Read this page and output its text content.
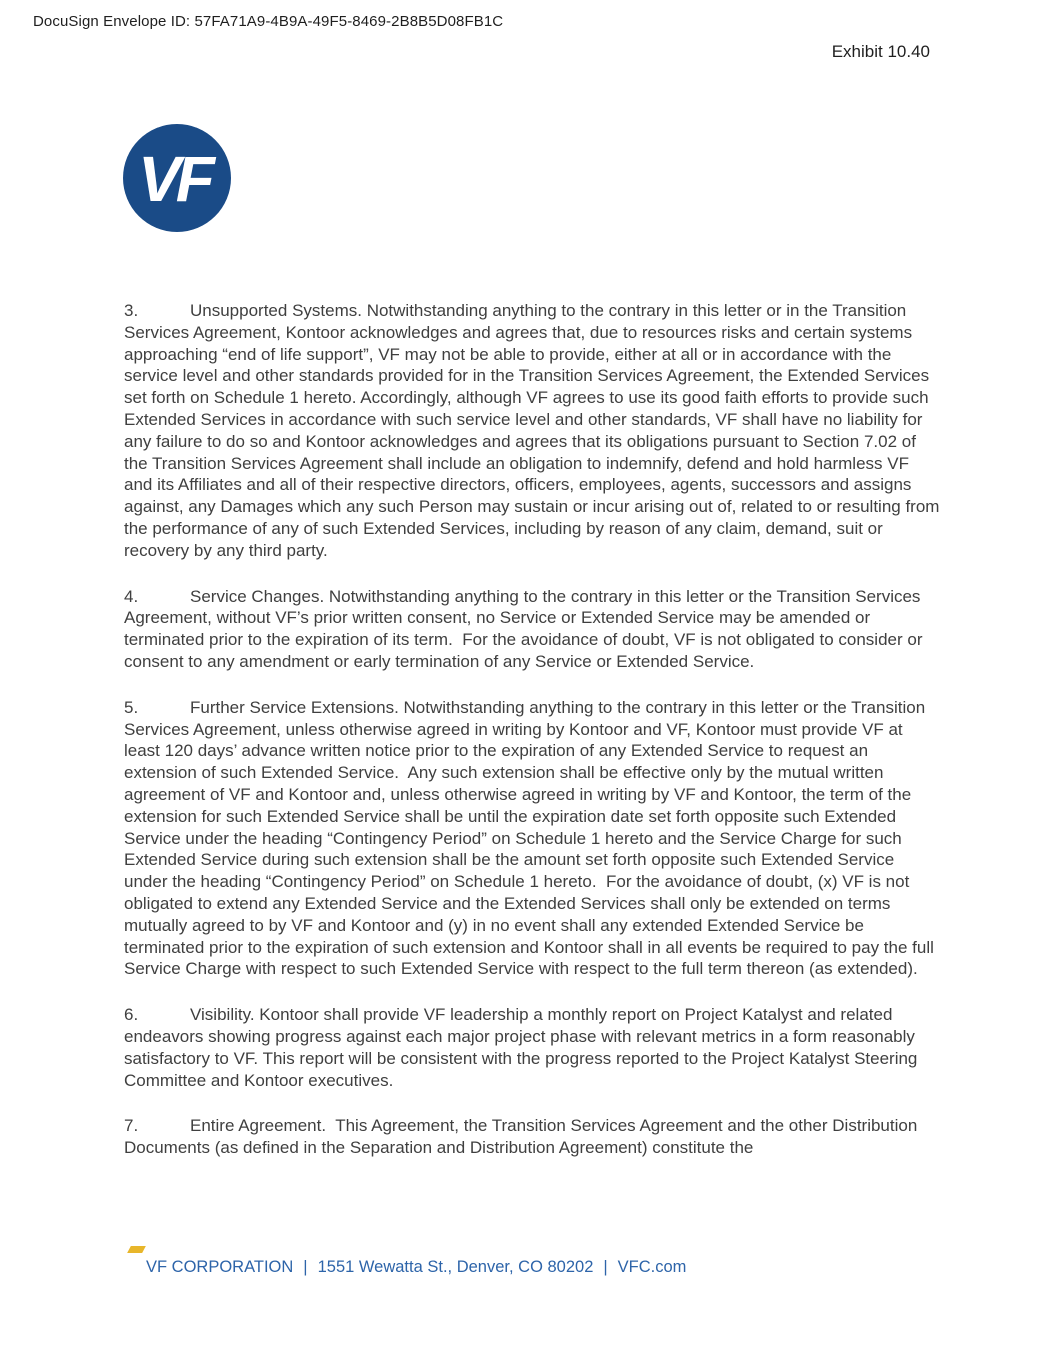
DocuSign Envelope ID: 57FA71A9-4B9A-49F5-8469-2B8B5D08FB1C
Exhibit 10.40
VF
3.	Unsupported Systems. Notwithstanding anything to the contrary in this letter or in the Transition Services Agreement, Kontoor acknowledges and agrees that, due to resources risks and certain systems approaching “end of life support”, VF may not be able to provide, either at all or in accordance with the service level and other standards provided for in the Transition Services Agreement, the Extended Services set forth on Schedule 1 hereto. Accordingly, although VF agrees to use its good faith efforts to provide such Extended Services in accordance with such service level and other standards, VF shall have no liability for any failure to do so and Kontoor acknowledges and agrees that its obligations pursuant to Section 7.02 of the Transition Services Agreement shall include an obligation to indemnify, defend and hold harmless VF and its Affiliates and all of their respective directors, officers, employees, agents, successors and assigns against, any Damages which any such Person may sustain or incur arising out of, related to or resulting from the performance of any of such Extended Services, including by reason of any claim, demand, suit or recovery by any third party.
4.	Service Changes. Notwithstanding anything to the contrary in this letter or the Transition Services Agreement, without VF’s prior written consent, no Service or Extended Service may be amended or terminated prior to the expiration of its term.  For the avoidance of doubt, VF is not obligated to consider or consent to any amendment or early termination of any Service or Extended Service.
5.	Further Service Extensions. Notwithstanding anything to the contrary in this letter or the Transition Services Agreement, unless otherwise agreed in writing by Kontoor and VF, Kontoor must provide VF at least 120 days’ advance written notice prior to the expiration of any Extended Service to request an extension of such Extended Service.  Any such extension shall be effective only by the mutual written agreement of VF and Kontoor and, unless otherwise agreed in writing by VF and Kontoor, the term of the extension for such Extended Service shall be until the expiration date set forth opposite such Extended Service under the heading “Contingency Period” on Schedule 1 hereto and the Service Charge for such Extended Service during such extension shall be the amount set forth opposite such Extended Service under the heading “Contingency Period” on Schedule 1 hereto.  For the avoidance of doubt, (x) VF is not obligated to extend any Extended Service and the Extended Services shall only be extended on terms mutually agreed to by VF and Kontoor and (y) in no event shall any extended Extended Service be terminated prior to the expiration of such extension and Kontoor shall in all events be required to pay the full Service Charge with respect to such Extended Service with respect to the full term thereon (as extended).
6.	Visibility. Kontoor shall provide VF leadership a monthly report on Project Katalyst and related endeavors showing progress against each major project phase with relevant metrics in a form reasonably satisfactory to VF. This report will be consistent with the progress reported to the Project Katalyst Steering Committee and Kontoor executives.
7.	Entire Agreement.  This Agreement, the Transition Services Agreement and the other Distribution Documents (as defined in the Separation and Distribution Agreement) constitute the
VF CORPORATION | 1551 Wewatta St., Denver, CO 80202 | VFC.com
